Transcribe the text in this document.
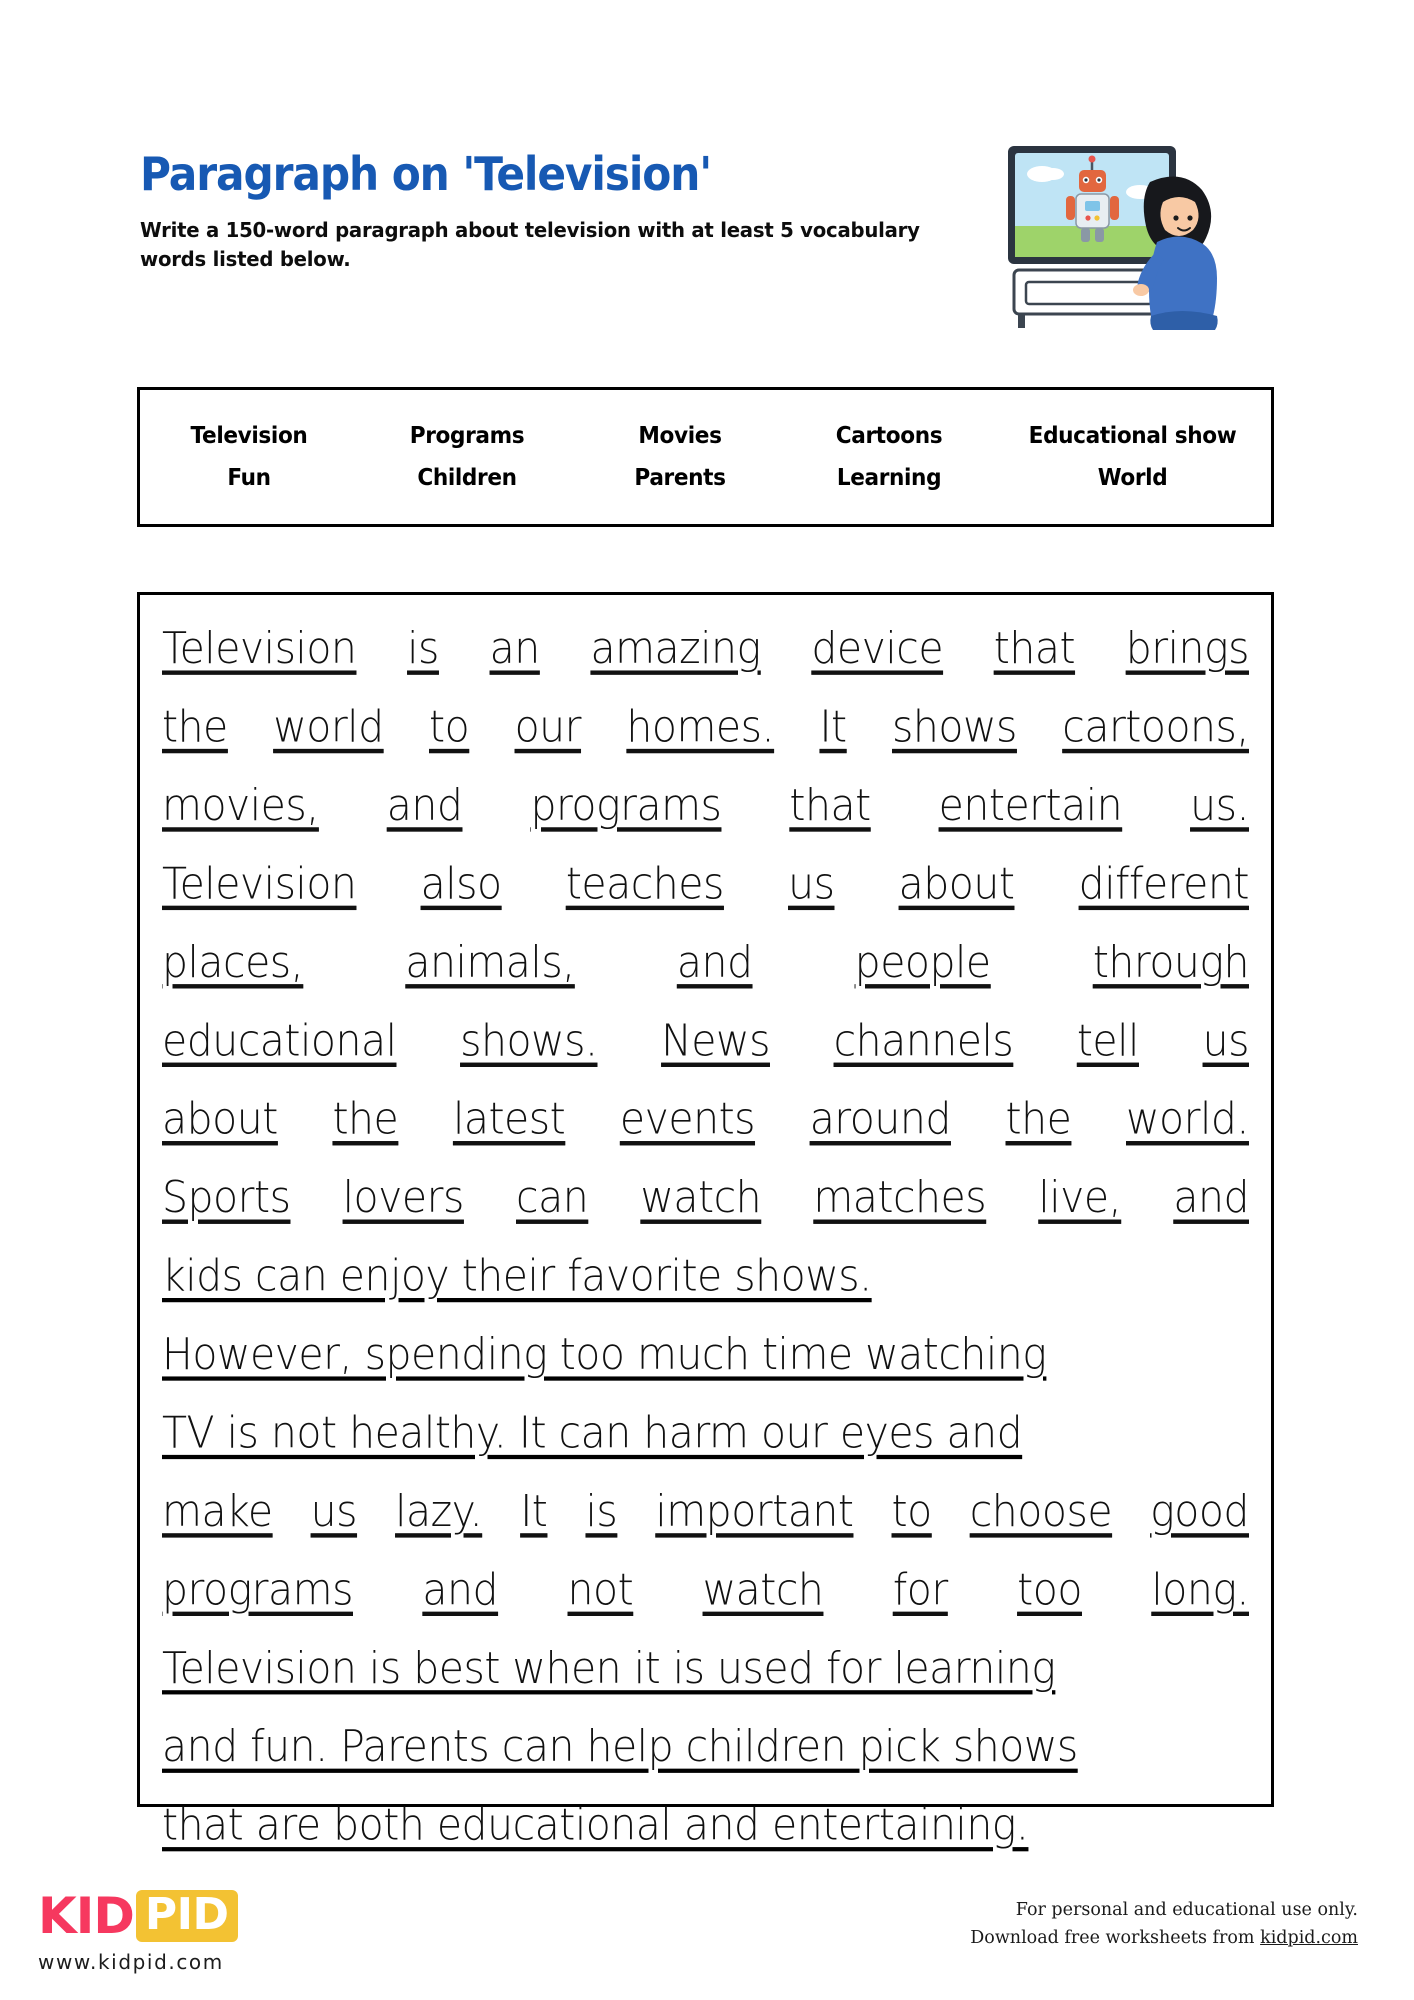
Paragraph on 'Television'
Write a 150-word paragraph about television with at least 5 vocabulary words listed below.
Television	Programs	Movies	Cartoons	Educational show
Fun	Children	Parents	Learning	World
Television is an amazing device that brings
the world to our homes. It shows cartoons,
movies, and programs that entertain us.
Television also teaches us about different
places, animals, and people through
educational shows. News channels tell us
about the latest events around the world.
Sports lovers can watch matches live, and
kids can enjoy their favorite shows.
However, spending too much time watching
TV is not healthy. It can harm our eyes and
make us lazy. It is important to choose good
programs and not watch for too long.
Television is best when it is used for learning
and fun. Parents can help children pick shows
that are both educational and entertaining.
KID PID
www.kidpid.com
For personal and educational use only.
Download free worksheets from kidpid.com
